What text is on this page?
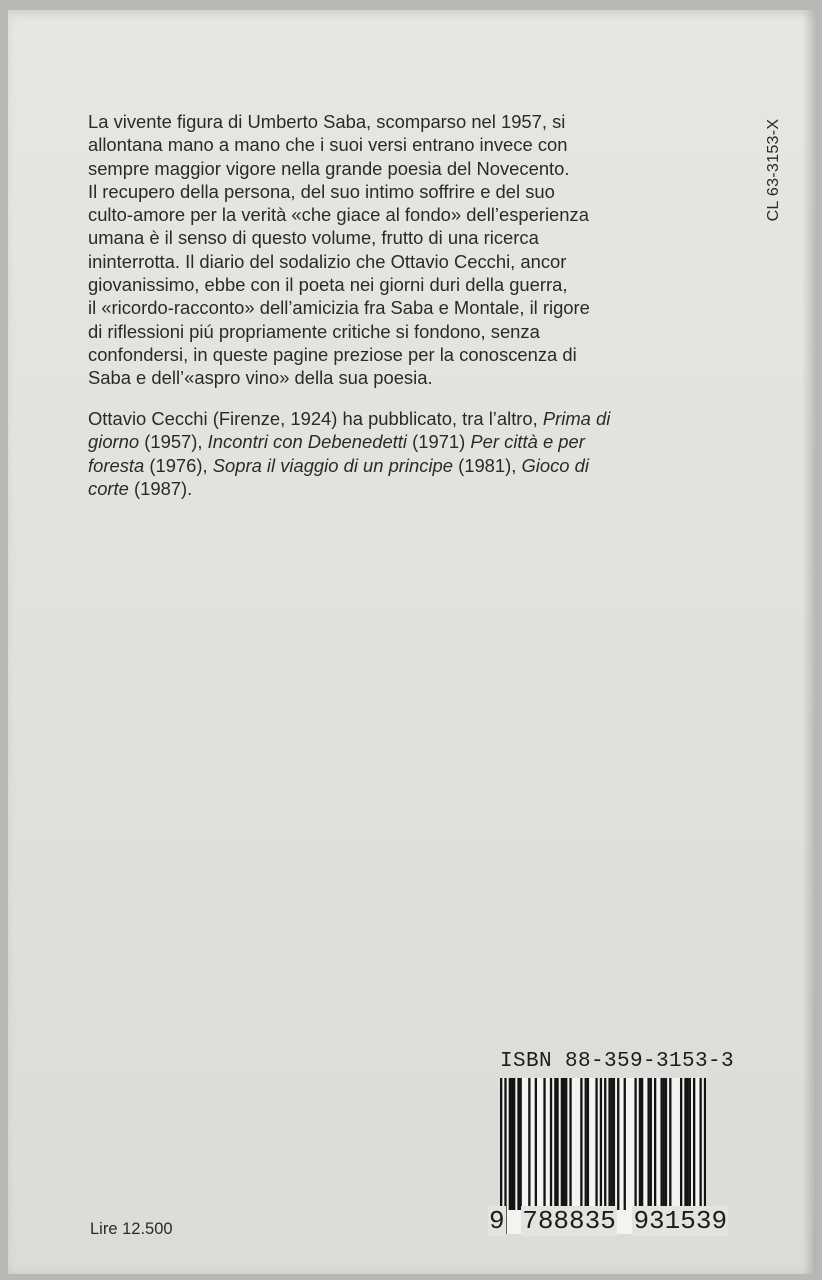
La vivente figura di Umberto Saba, scomparso nel 1957, si
allontana mano a mano che i suoi versi entrano invece con
sempre maggior vigore nella grande poesia del Novecento.
Il recupero della persona, del suo intimo soffrire e del suo
culto-amore per la verità «che giace al fondo» dell’esperienza
umana è il senso di questo volume, frutto di una ricerca
ininterrotta. Il diario del sodalizio che Ottavio Cecchi, ancor
giovanissimo, ebbe con il poeta nei giorni duri della guerra,
il «ricordo-racconto» dell’amicizia fra Saba e Montale, il rigore
di riflessioni piú propriamente critiche si fondono, senza
confondersi, in queste pagine preziose per la conoscenza di
Saba e dell’«aspro vino» della sua poesia.

Ottavio Cecchi (Firenze, 1924) ha pubblicato, tra l’altro, Prima di
giorno (1957), Incontri con Debenedetti (1971) Per città e per
foresta (1976), Sopra il viaggio di un principe (1981), Gioco di
corte (1987).

CL 63-3153-X
ISBN 88-359-3153-3
9 788835 931539
Lire 12.500
